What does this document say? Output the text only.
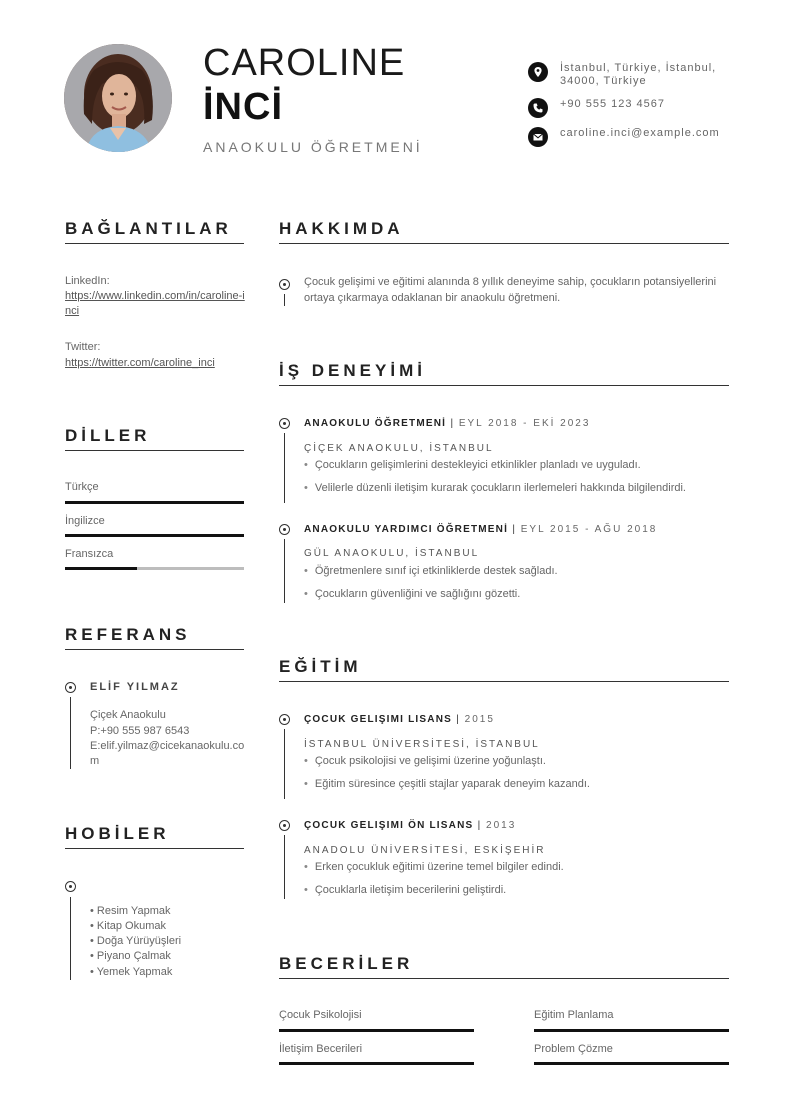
CAROLINE
İNCİ
ANAOKULU ÖĞRETMENİ
İstanbul, Türkiye, İstanbul, 34000, Türkiye
+90 555 123 4567
caroline.inci@example.com
BAĞLANTILAR
LinkedIn:
https://www.linkedin.com/in/caroline-inci
Twitter:
https://twitter.com/caroline_inci
DİLLER
Türkçe
İngilizce
Fransızca
REFERANS
ELİF YILMAZ
Çiçek Anaokulu
P:+90 555 987 6543
E:elif.yilmaz@cicekanaokulu.com
HOBİLER
• Resim Yapmak
• Kitap Okumak
• Doğa Yürüyüşleri
• Piyano Çalmak
• Yemek Yapmak
HAKKIMDA
Çocuk gelişimi ve eğitimi alanında 8 yıllık deneyime sahip, çocukların potansiyellerini ortaya çıkarmaya odaklanan bir anaokulu öğretmeni.
İŞ DENEYİMİ
ANAOKULU ÖĞRETMENİ | EYL 2018 - EKİ 2023
ÇİÇEK ANAOKULU, İSTANBUL
• Çocukların gelişimlerini destekleyici etkinlikler planladı ve uyguladı.
• Velilerle düzenli iletişim kurarak çocukların ilerlemeleri hakkında bilgilendirdi.
ANAOKULU YARDIMCI ÖĞRETMENİ | EYL 2015 - AĞU 2018
GÜL ANAOKULU, İSTANBUL
• Öğretmenlere sınıf içi etkinliklerde destek sağladı.
• Çocukların güvenliğini ve sağlığını gözetti.
EĞİTİM
ÇOCUK GELIŞIMI LISANS | 2015
İSTANBUL ÜNİVERSİTESİ, İSTANBUL
• Çocuk psikolojisi ve gelişimi üzerine yoğunlaştı.
• Eğitim süresince çeşitli stajlar yaparak deneyim kazandı.
ÇOCUK GELIŞIMI ÖN LISANS | 2013
ANADOLU ÜNİVERSİTESİ, ESKİŞEHİR
• Erken çocukluk eğitimi üzerine temel bilgiler edindi.
• Çocuklarla iletişim becerilerini geliştirdi.
BECERİLER
Çocuk Psikolojisi	Eğitim Planlama
İletişim Becerileri	Problem Çözme
